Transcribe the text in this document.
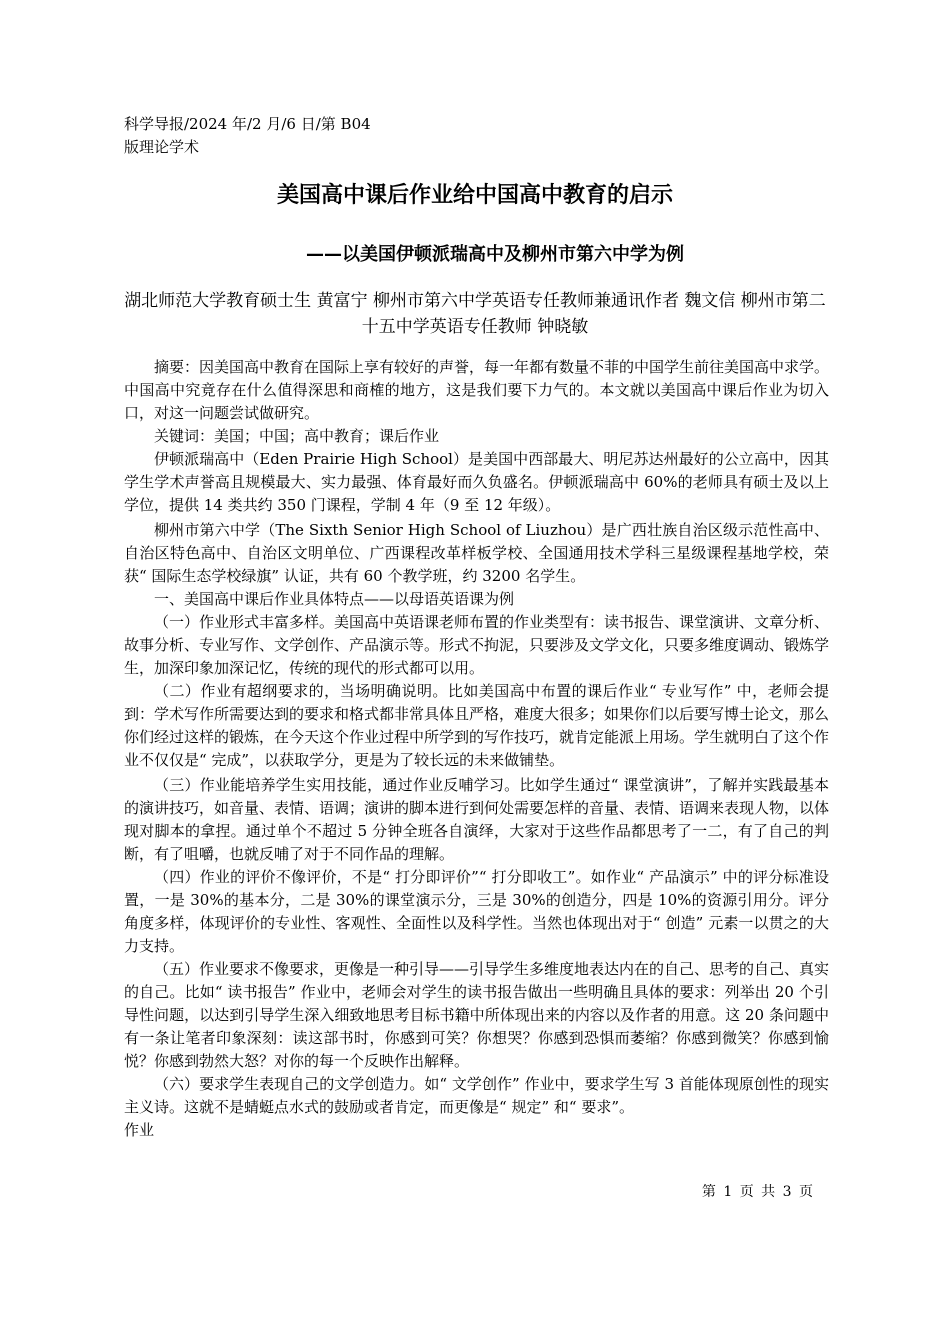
科学导报/2024 年/2 月/6 日/第 B04
版理论学术
美国高中课后作业给中国高中教育的启示
——以美国伊顿派瑞高中及柳州市第六中学为例
湖北师范大学教育硕士生 黄富宁 柳州市第六中学英语专任教师兼通讯作者 魏文信 柳州市第二十五中学英语专任教师 钟晓敏

摘要：因美国高中教育在国际上享有较好的声誉，每一年都有数量不菲的中国学生前往美国高中求学。中国高中究竟存在什么值得深思和商榷的地方，这是我们要下力气的。本文就以美国高中课后作业为切入口，对这一问题尝试做研究。

关键词：美国；中国；高中教育；课后作业

伊顿派瑞高中（Eden Prairie High School）是美国中西部最大、明尼苏达州最好的公立高中，因其学生学术声誉高且规模最大、实力最强、体育最好而久负盛名。伊顿派瑞高中 60%的老师具有硕士及以上学位，提供 14 类共约 350 门课程，学制 4 年（9 至 12 年级）。

柳州市第六中学（The Sixth Senior High School of Liuzhou）是广西壮族自治区级示范性高中、自治区特色高中、自治区文明单位、广西课程改革样板学校、全国通用技术学科三星级课程基地学校，荣获“ 国际生态学校绿旗” 认证，共有 60 个教学班，约 3200 名学生。

一、美国高中课后作业具体特点——以母语英语课为例

（一）作业形式丰富多样。美国高中英语课老师布置的作业类型有：读书报告、课堂演讲、文章分析、故事分析、专业写作、文学创作、产品演示等。形式不拘泥，只要涉及文学文化，只要多维度调动、锻炼学生，加深印象加深记忆，传统的现代的形式都可以用。

（二）作业有超纲要求的，当场明确说明。比如美国高中布置的课后作业“ 专业写作” 中，老师会提到：学术写作所需要达到的要求和格式都非常具体且严格，难度大很多；如果你们以后要写博士论文，那么你们经过这样的锻炼，在今天这个作业过程中所学到的写作技巧，就肯定能派上用场。学生就明白了这个作业不仅仅是“ 完成”，以获取学分，更是为了较长远的未来做铺垫。

（三）作业能培养学生实用技能，通过作业反哺学习。比如学生通过“ 课堂演讲”，了解并实践最基本的演讲技巧，如音量、表情、语调；演讲的脚本进行到何处需要怎样的音量、表情、语调来表现人物，以体现对脚本的拿捏。通过单个不超过 5 分钟全班各自演绎，大家对于这些作品都思考了一二，有了自己的判断，有了咀嚼，也就反哺了对于不同作品的理解。

（四）作业的评价不像评价，不是“ 打分即评价”“ 打分即收工”。如作业“ 产品演示” 中的评分标准设置，一是 30%的基本分，二是 30%的课堂演示分，三是 30%的创造分，四是 10%的资源引用分。评分角度多样，体现评价的专业性、客观性、全面性以及科学性。当然也体现出对于“ 创造” 元素一以贯之的大力支持。

（五）作业要求不像要求，更像是一种引导——引导学生多维度地表达内在的自己、思考的自己、真实的自己。比如“ 读书报告” 作业中，老师会对学生的读书报告做出一些明确且具体的要求：列举出 20 个引导性问题，以达到引导学生深入细致地思考目标书籍中所体现出来的内容以及作者的用意。这 20 条问题中有一条让笔者印象深刻：读这部书时，你感到可笑？你想哭？你感到恐惧而萎缩？你感到微笑？你感到愉悦？你感到勃然大怒？对你的每一个反映作出解释。

（六）要求学生表现自己的文学创造力。如“ 文学创作” 作业中，要求学生写 3 首能体现原创性的现实主义诗。这就不是蜻蜓点水式的鼓励或者肯定，而更像是“ 规定” 和“ 要求”。

作业

第 1 页 共 3 页
